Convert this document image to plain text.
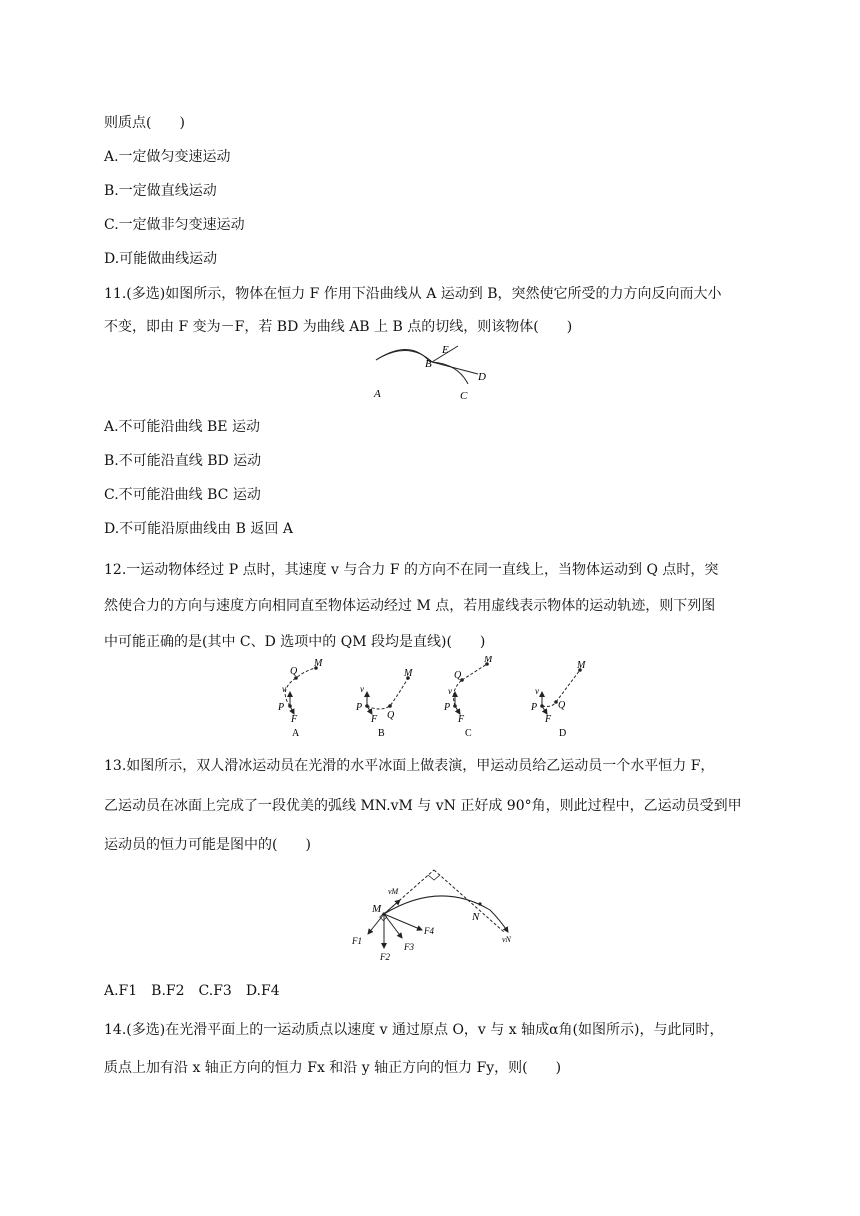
则质点(　　)
A.一定做匀变速运动
B.一定做直线运动
C.一定做非匀变速运动
D.可能做曲线运动
11.(多选)如图所示，物体在恒力 F 作用下沿曲线从 A 运动到 B，突然使它所受的力方向反向而大小
不变，即由 F 变为－F，若 BD 为曲线 AB 上 B 点的切线，则该物体(　　)
A
B
C
D
E
A.不可能沿曲线 BE 运动
B.不可能沿直线 BD 运动
C.不可能沿曲线 BC 运动
D.不可能沿原曲线由 B 返回 A
12.一运动物体经过 P 点时，其速度 v 与合力 F 的方向不在同一直线上，当物体运动到 Q 点时，突
然使合力的方向与速度方向相同直至物体运动经过 M 点，若用虚线表示物体的运动轨迹，则下列图
中可能正确的是(其中 C、D 选项中的 QM 段均是直线)(　　)
P
Q
M
v
F
A
P
Q
M
v
F
B
P
Q
M
v
F
C
P Q
M
v
F
D
13.如图所示，双人滑冰运动员在光滑的水平冰面上做表演，甲运动员给乙运动员一个水平恒力 F，
乙运动员在冰面上完成了一段优美的弧线 MN.vM 与 vN 正好成 90°角，则此过程中，乙运动员受到甲
运动员的恒力可能是图中的(　　)
M
N
vM
vN
F1
F2
F3
F4
A.F1　B.F2　C.F3　D.F4
14.(多选)在光滑平面上的一运动质点以速度 v 通过原点 O，v 与 x 轴成α角(如图所示)，与此同时，
质点上加有沿 x 轴正方向的恒力 Fx 和沿 y 轴正方向的恒力 Fy，则(　　)
